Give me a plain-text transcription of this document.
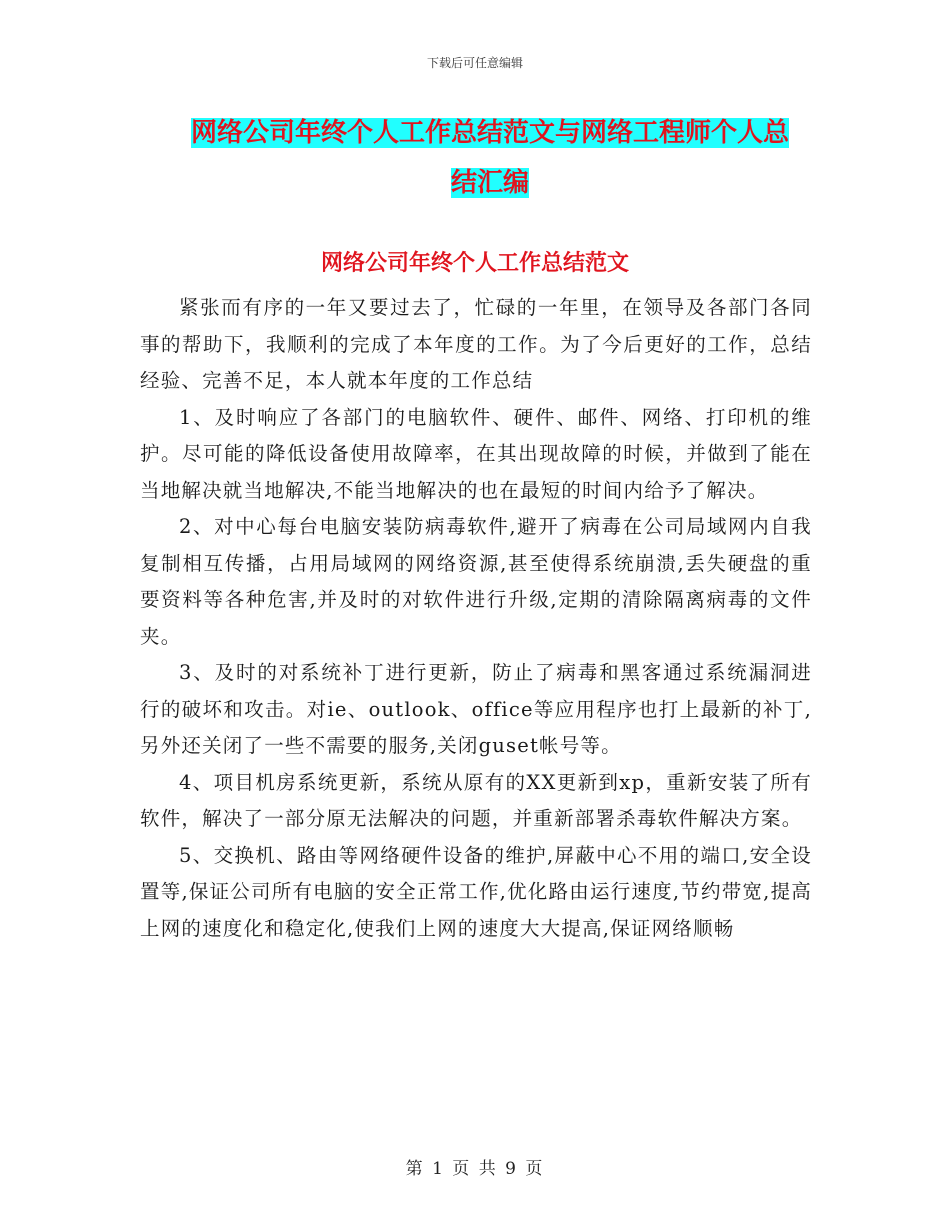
下载后可任意编辑
网络公司年终个人工作总结范文与网络工程师个人总
结汇编
网络公司年终个人工作总结范文

紧张而有序的一年又要过去了，忙碌的一年里，在领导及各部门各同事的帮助下，我顺利的完成了本年度的工作。为了今后更好的工作，总结经验、完善不足，本人就本年度的工作总结

1、及时响应了各部门的电脑软件、硬件、邮件、网络、打印机的维护。尽可能的降低设备使用故障率，在其出现故障的时候，并做到了能在当地解决就当地解决,不能当地解决的也在最短的时间内给予了解决。

2、对中心每台电脑安装防病毒软件,避开了病毒在公司局域网内自我复制相互传播，占用局域网的网络资源,甚至使得系统崩溃,丢失硬盘的重要资料等各种危害,并及时的对软件进行升级,定期的清除隔离病毒的文件夹。

3、及时的对系统补丁进行更新，防止了病毒和黑客通过系统漏洞进行的破坏和攻击。对ie、outlook、office等应用程序也打上最新的补丁,另外还关闭了一些不需要的服务,关闭guset帐号等。

4、项目机房系统更新，系统从原有的XX更新到xp，重新安装了所有软件，解决了一部分原无法解决的问题，并重新部署杀毒软件解决方案。

5、交换机、路由等网络硬件设备的维护,屏蔽中心不用的端口,安全设置等,保证公司所有电脑的安全正常工作,优化路由运行速度,节约带宽,提高上网的速度化和稳定化,使我们上网的速度大大提高,保证网络顺畅

第 1 页 共 9 页
